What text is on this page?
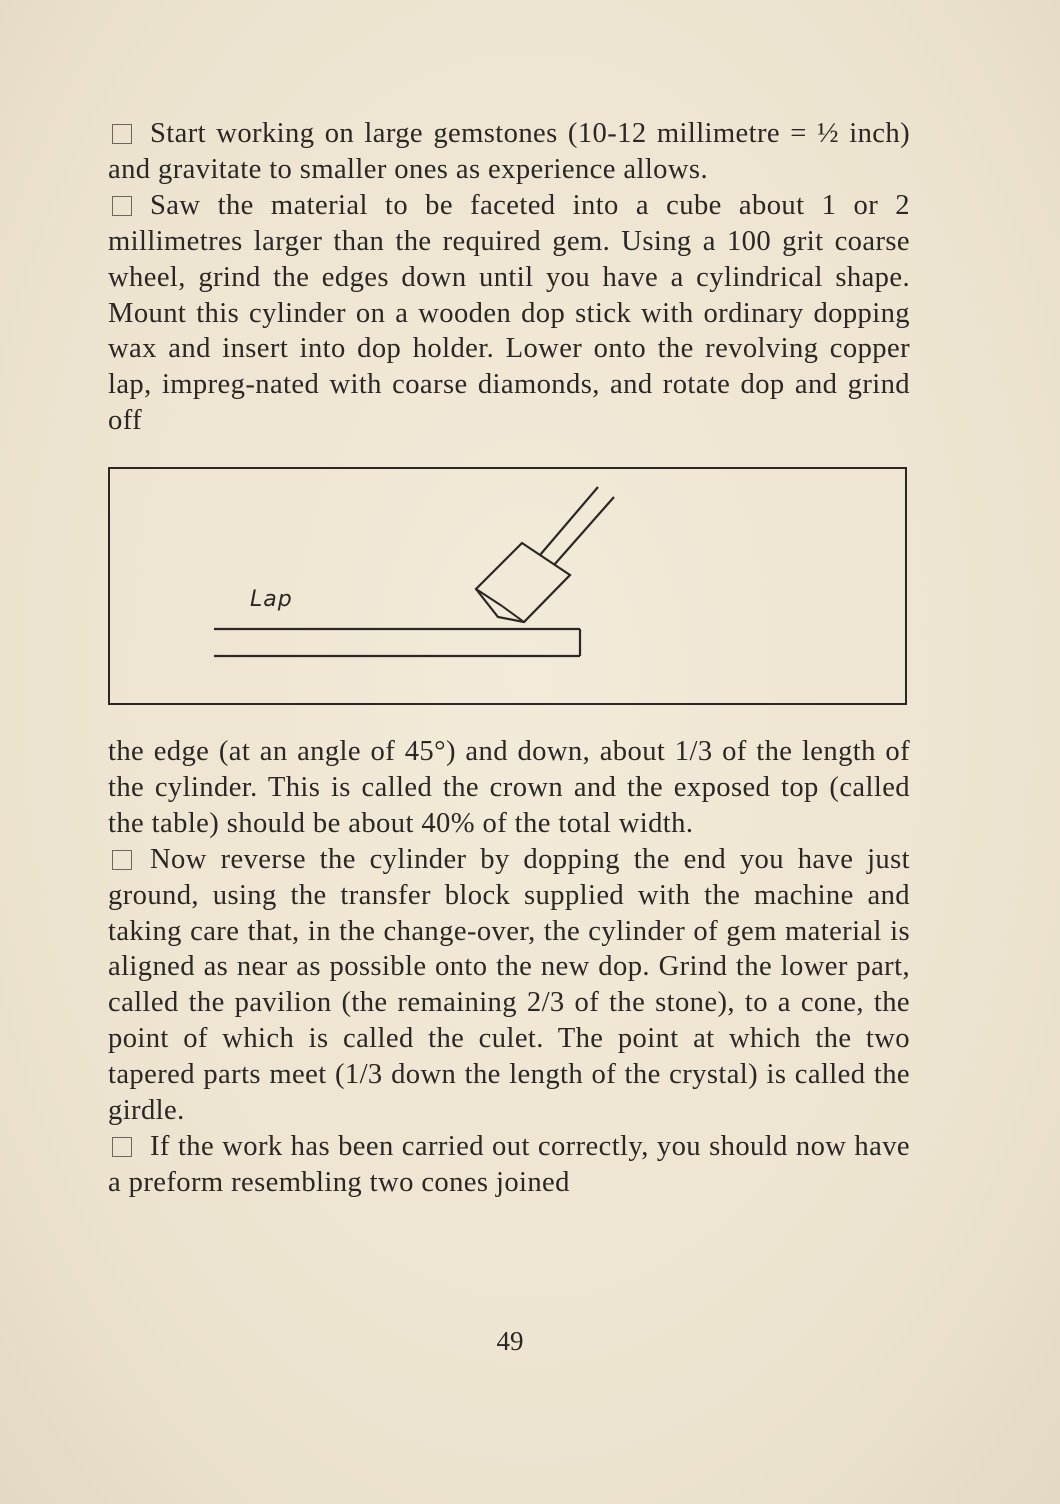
Start working on large gemstones (10-12 millimetre = ½ inch) and gravitate to smaller ones as experience allows.

Saw the material to be faceted into a cube about 1 or 2 millimetres larger than the required gem. Using a 100 grit coarse wheel, grind the edges down until you have a cylindrical shape. Mount this cylinder on a wooden dop stick with ordinary dopping wax and insert into dop holder. Lower onto the revolving copper lap, impreg-nated with coarse diamonds, and rotate dop and grind off

Lap

the edge (at an angle of 45°) and down, about 1/3 of the length of the cylinder. This is called the crown and the exposed top (called the table) should be about 40% of the total width.

Now reverse the cylinder by dopping the end you have just ground, using the transfer block supplied with the machine and taking care that, in the change-over, the cylinder of gem material is aligned as near as possible onto the new dop. Grind the lower part, called the pavilion (the remaining 2/3 of the stone), to a cone, the point of which is called the culet. The point at which the two tapered parts meet (1/3 down the length of the crystal) is called the girdle.

If the work has been carried out correctly, you should now have a preform resembling two cones joined

49
